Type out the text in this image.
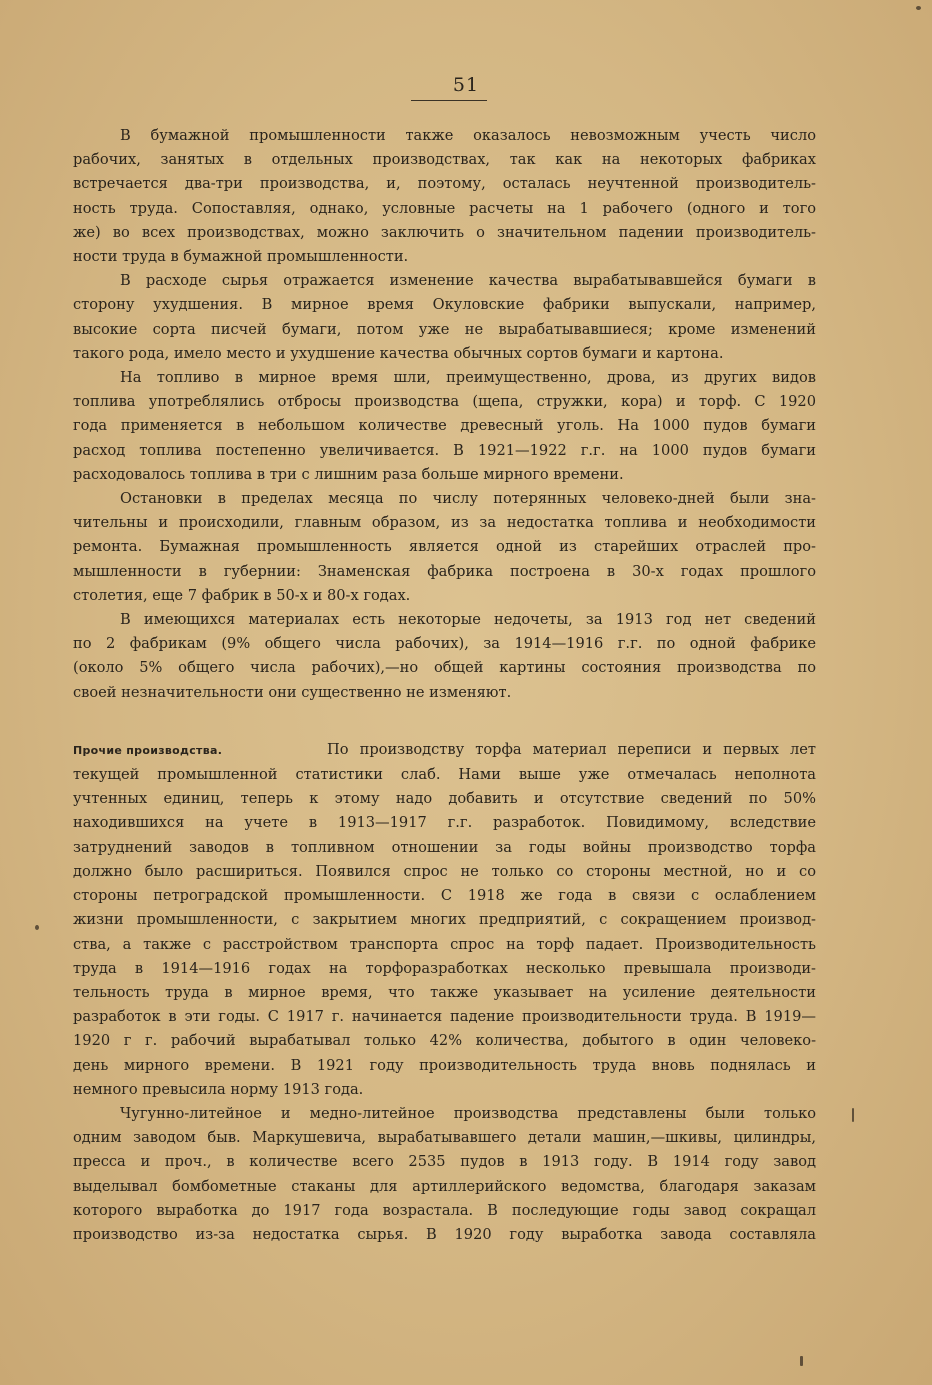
51
В бумажной промышленности также оказалось невозможным учесть число
рабочих, занятых в отдельных производствах, так как на некоторых фабриках
встречается два-три производства, и, поэтому, осталась неучтенной производитель-
ность труда. Сопоставляя, однако, условные расчеты на 1 рабочего (одного и того
же) во всех производствах, можно заключить о значительном падении производитель-
ности труда в бумажной промышленности.
В расходе сырья отражается изменение качества вырабатывавшейся бумаги в
сторону ухудшения. В мирное время Окуловские фабрики выпускали, например,
высокие сорта писчей бумаги, потом уже не вырабатывавшиеся; кроме изменений
такого рода, имело место и ухудшение качества обычных сортов бумаги и картона.
На топливо в мирное время шли, преимущественно, дрова, из других видов
топлива употреблялись отбросы производства (щепа, стружки, кора) и торф. С 1920
года применяется в небольшом количестве древесный уголь. На 1000 пудов бумаги
расход топлива постепенно увеличивается. В 1921—1922 г.г. на 1000 пудов бумаги
расходовалось топлива в три с лишним раза больше мирного времени.
Остановки в пределах месяца по числу потерянных человеко-дней были зна-
чительны и происходили, главным образом, из за недостатка топлива и необходимости
ремонта. Бумажная промышленность является одной из старейших отраслей про-
мышленности в губернии: Знаменская фабрика построена в 30-х годах прошлого
столетия, еще 7 фабрик в 50-х и 80-х годах.
В имеющихся материалах есть некоторые недочеты, за 1913 год нет сведений
по 2 фабрикам (9% общего числа рабочих), за 1914—1916 г.г. по одной фабрике
(около 5% общего числа рабочих),—но общей картины состояния производства по
своей незначительности они существенно не изменяют.
Прочие производства.	По производству торфа материал переписи и первых лет
текущей промышленной статистики слаб. Нами выше уже отмечалась неполнота
учтенных единиц, теперь к этому надо добавить и отсутствие сведений по 50%
находившихся на учете в 1913—1917 г.г. разработок. Повидимому, вследствие
затруднений заводов в топливном отношении за годы войны производство торфа
должно было расшириться. Появился спрос не только со стороны местной, но и со
стороны петроградской промышленности. С 1918 же года в связи с ослаблением
жизни промышленности, с закрытием многих предприятий, с сокращением производ-
ства, а также с расстройством транспорта спрос на торф падает. Производительность
труда в 1914—1916 годах на торфоразработках несколько превышала производи-
тельность труда в мирное время, что также указывает на усиление деятельности
разработок в эти годы. С 1917 г. начинается падение производительности труда. В 1919—
1920 г г. рабочий вырабатывал только 42% количества, добытого в один человеко-
день мирного времени. В 1921 году производительность труда вновь поднялась и
немного превысила норму 1913 года.
Чугунно-литейное и медно-литейное производства представлены были только
одним заводом быв. Маркушевича, вырабатывавшего детали машин,—шкивы, цилиндры,
пресса и проч., в количестве всего 2535 пудов в 1913 году. В 1914 году завод
выделывал бомбометные стаканы для артиллерийского ведомства, благодаря заказам
которого выработка до 1917 года возрастала. В последующие годы завод сокращал
производство из-за недостатка сырья. В 1920 году выработка завода составляла
